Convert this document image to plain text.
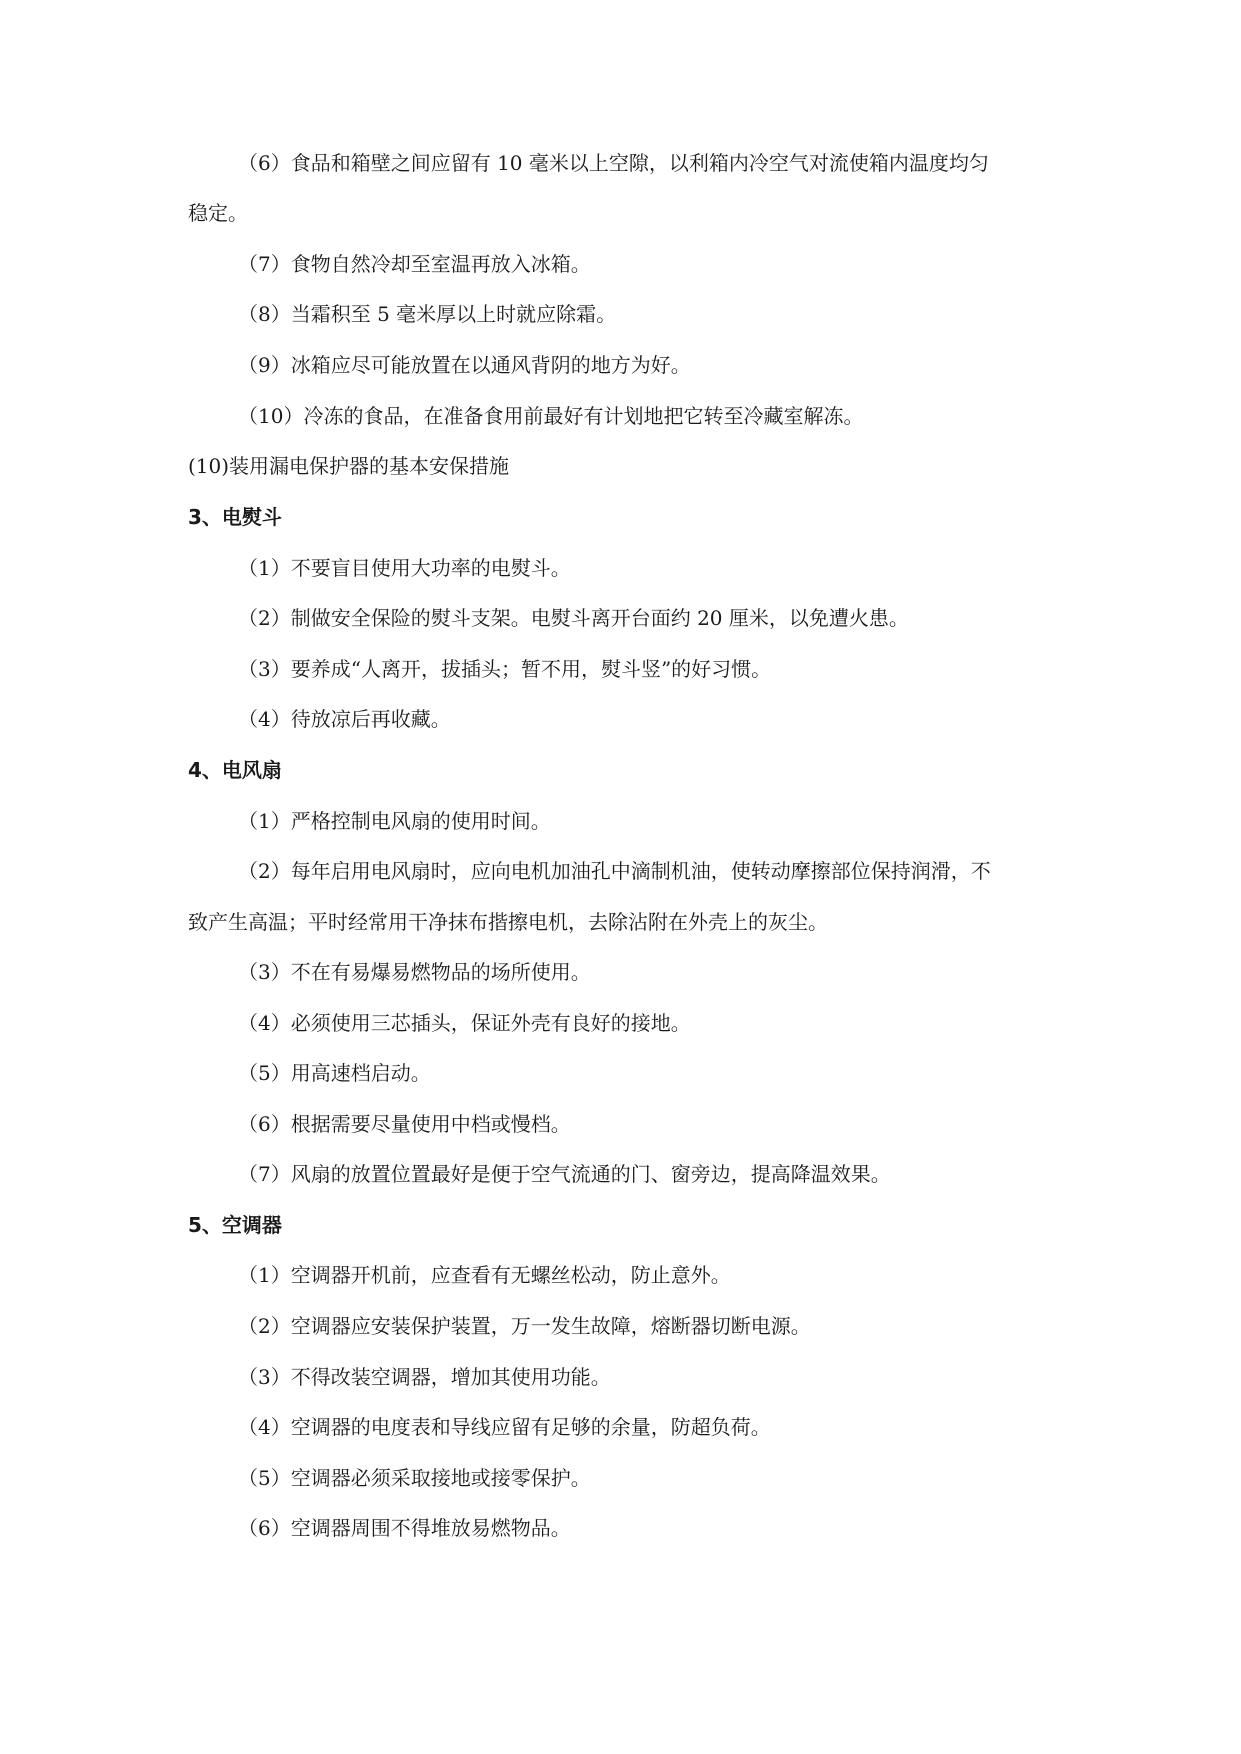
（6）食品和箱壁之间应留有 10 毫米以上空隙，以利箱内冷空气对流使箱内温度均匀
稳定。
（7）食物自然冷却至室温再放入冰箱。
（8）当霜积至 5 毫米厚以上时就应除霜。
（9）冰箱应尽可能放置在以通风背阴的地方为好。
（10）冷冻的食品，在准备食用前最好有计划地把它转至冷藏室解冻。
(10)装用漏电保护器的基本安保措施
3、电熨斗
（1）不要盲目使用大功率的电熨斗。
（2）制做安全保险的熨斗支架。电熨斗离开台面约 20 厘米，以免遭火患。
（3）要养成“人离开，拔插头；暂不用，熨斗竖”的好习惯。
（4）待放凉后再收藏。
4、电风扇
（1）严格控制电风扇的使用时间。
（2）每年启用电风扇时，应向电机加油孔中滴制机油，使转动摩擦部位保持润滑，不
致产生高温；平时经常用干净抹布揩擦电机，去除沾附在外壳上的灰尘。
（3）不在有易爆易燃物品的场所使用。
（4）必须使用三芯插头，保证外壳有良好的接地。
（5）用高速档启动。
（6）根据需要尽量使用中档或慢档。
（7）风扇的放置位置最好是便于空气流通的门、窗旁边，提高降温效果。
5、空调器
（1）空调器开机前，应查看有无螺丝松动，防止意外。
（2）空调器应安装保护装置，万一发生故障，熔断器切断电源。
（3）不得改装空调器，增加其使用功能。
（4）空调器的电度表和导线应留有足够的余量，防超负荷。
（5）空调器必须采取接地或接零保护。
（6）空调器周围不得堆放易燃物品。
